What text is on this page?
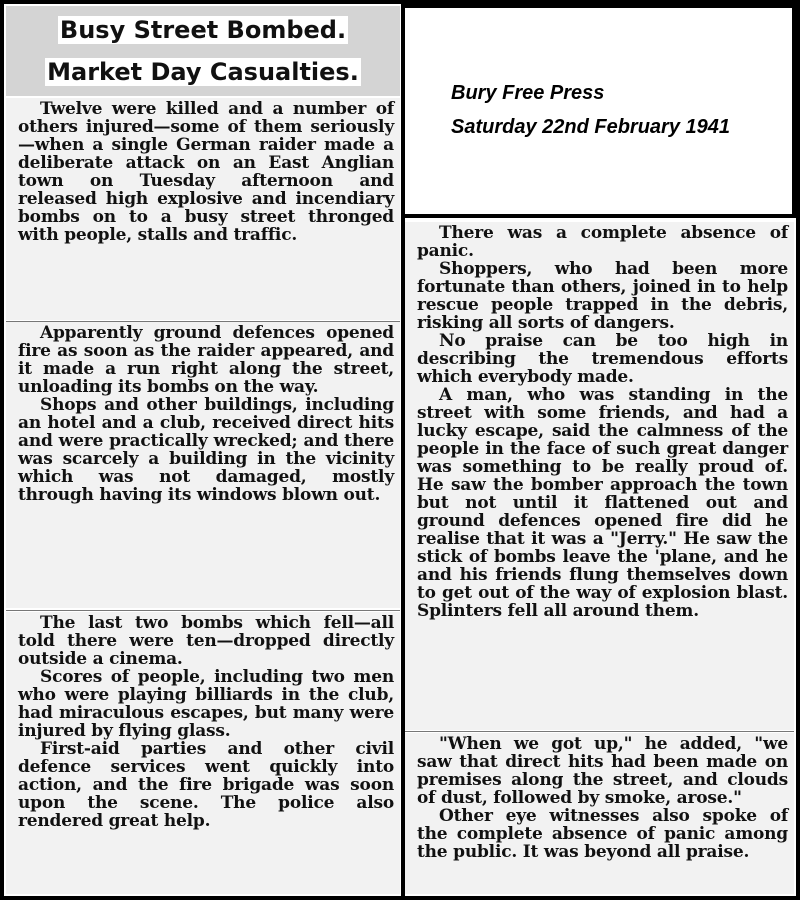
Busy Street Bombed.
Market Day Casualties.

Twelve were killed and a number of others injured—some of them seriously—when a single German raider made a deliberate attack on an East Anglian town on Tuesday afternoon and released high explosive and incendiary bombs on to a busy street thronged with people, stalls and traffic.

Apparently ground defences opened fire as soon as the raider appeared, and it made a run right along the street, unloading its bombs on the way.

Shops and other buildings, including an hotel and a club, received direct hits and were practically wrecked; and there was scarcely a building in the vicinity which was not damaged, mostly through having its windows blown out.

The last two bombs which fell—all told there were ten—dropped directly outside a cinema.

Scores of people, including two men who were playing billiards in the club, had miraculous escapes, but many were injured by flying glass.

First-aid parties and other civil defence services went quickly into action, and the fire brigade was soon upon the scene. The police also rendered great help.

Bury Free Press
Saturday 22nd February 1941

There was a complete absence of panic.

Shoppers, who had been more fortunate than others, joined in to help rescue people trapped in the debris, risking all sorts of dangers.

No praise can be too high in describing the tremendous efforts which everybody made.

A man, who was standing in the street with some friends, and had a lucky escape, said the calmness of the people in the face of such great danger was something to be really proud of. He saw the bomber approach the town but not until it flattened out and ground defences opened fire did he realise that it was a "Jerry." He saw the stick of bombs leave the 'plane, and he and his friends flung themselves down to get out of the way of explosion blast. Splinters fell all around them.

"When we got up," he added, "we saw that direct hits had been made on premises along the street, and clouds of dust, followed by smoke, arose."

Other eye witnesses also spoke of the complete absence of panic among the public. It was beyond all praise.
